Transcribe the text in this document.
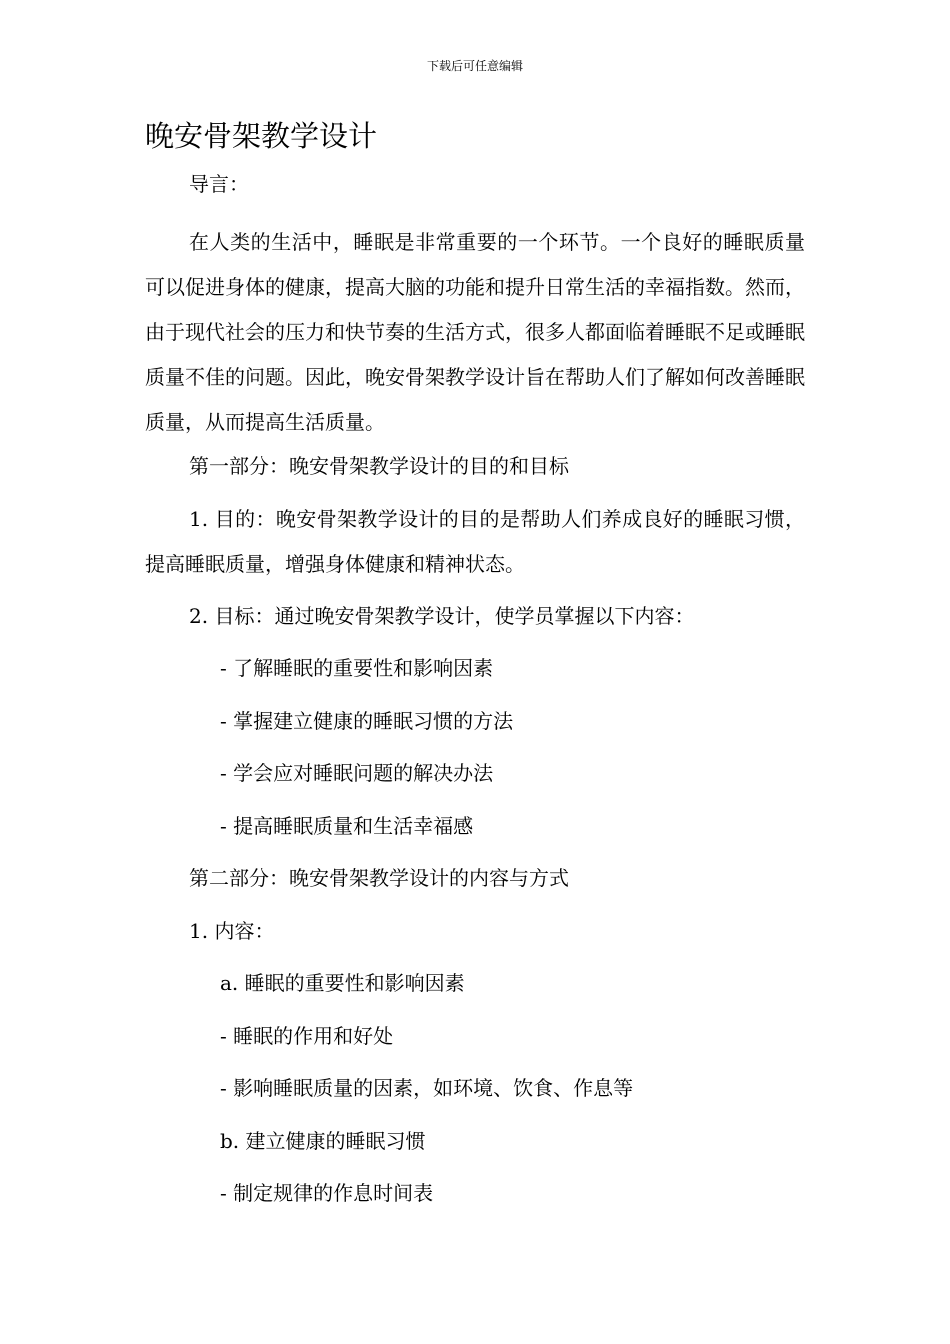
下载后可任意编辑
晚安骨架教学设计

导言：

在人类的生活中，睡眠是非常重要的一个环节。一个良好的睡眠质量可以促进身体的健康，提高大脑的功能和提升日常生活的幸福指数。然而，由于现代社会的压力和快节奏的生活方式，很多人都面临着睡眠不足或睡眠质量不佳的问题。因此，晚安骨架教学设计旨在帮助人们了解如何改善睡眠质量，从而提高生活质量。

第一部分：晚安骨架教学设计的目的和目标

1. 目的：晚安骨架教学设计的目的是帮助人们养成良好的睡眠习惯，提高睡眠质量，增强身体健康和精神状态。

2. 目标：通过晚安骨架教学设计，使学员掌握以下内容：

- 了解睡眠的重要性和影响因素

- 掌握建立健康的睡眠习惯的方法

- 学会应对睡眠问题的解决办法

- 提高睡眠质量和生活幸福感

第二部分：晚安骨架教学设计的内容与方式

1. 内容：

a. 睡眠的重要性和影响因素

- 睡眠的作用和好处

- 影响睡眠质量的因素，如环境、饮食、作息等

b. 建立健康的睡眠习惯

- 制定规律的作息时间表
